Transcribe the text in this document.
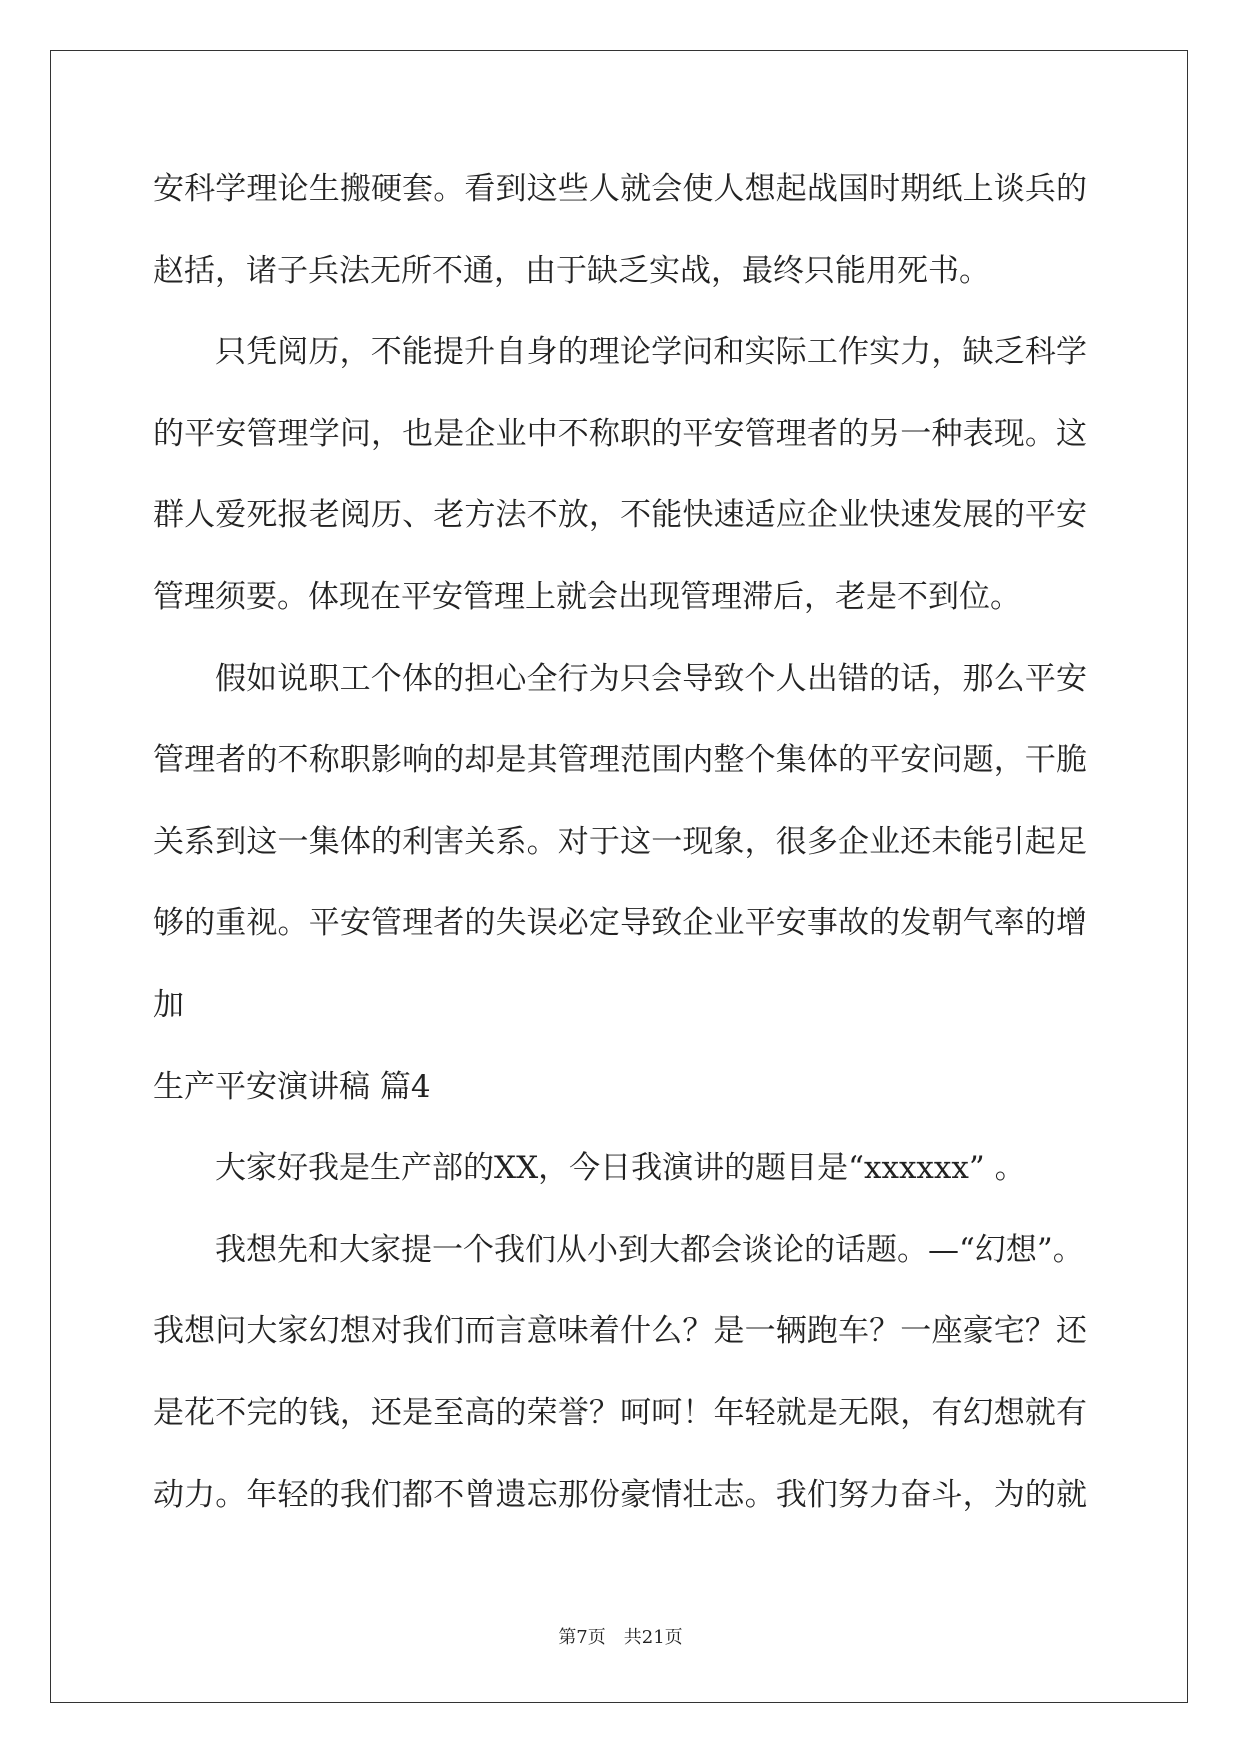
安科学理论生搬硬套。看到这些人就会使人想起战国时期纸上谈兵的
赵括，诸子兵法无所不通，由于缺乏实战，最终只能用死书。
只凭阅历，不能提升自身的理论学问和实际工作实力，缺乏科学
的平安管理学问，也是企业中不称职的平安管理者的另一种表现。这
群人爱死报老阅历、老方法不放，不能快速适应企业快速发展的平安
管理须要。体现在平安管理上就会出现管理滞后，老是不到位。
假如说职工个体的担心全行为只会导致个人出错的话，那么平安
管理者的不称职影响的却是其管理范围内整个集体的平安问题，干脆
关系到这一集体的利害关系。对于这一现象，很多企业还未能引起足
够的重视。平安管理者的失误必定导致企业平安事故的发朝气率的增
加
生产平安演讲稿 篇4
大家好我是生产部的XX，今日我演讲的题目是“xxxxxx” 。
我想先和大家提一个我们从小到大都会谈论的话题。—“幻想”。
我想问大家幻想对我们而言意味着什么？是一辆跑车？一座豪宅？还
是花不完的钱，还是至高的荣誉？呵呵！年轻就是无限，有幻想就有
动力。年轻的我们都不曾遗忘那份豪情壮志。我们努力奋斗，为的就
第7页　共21页
